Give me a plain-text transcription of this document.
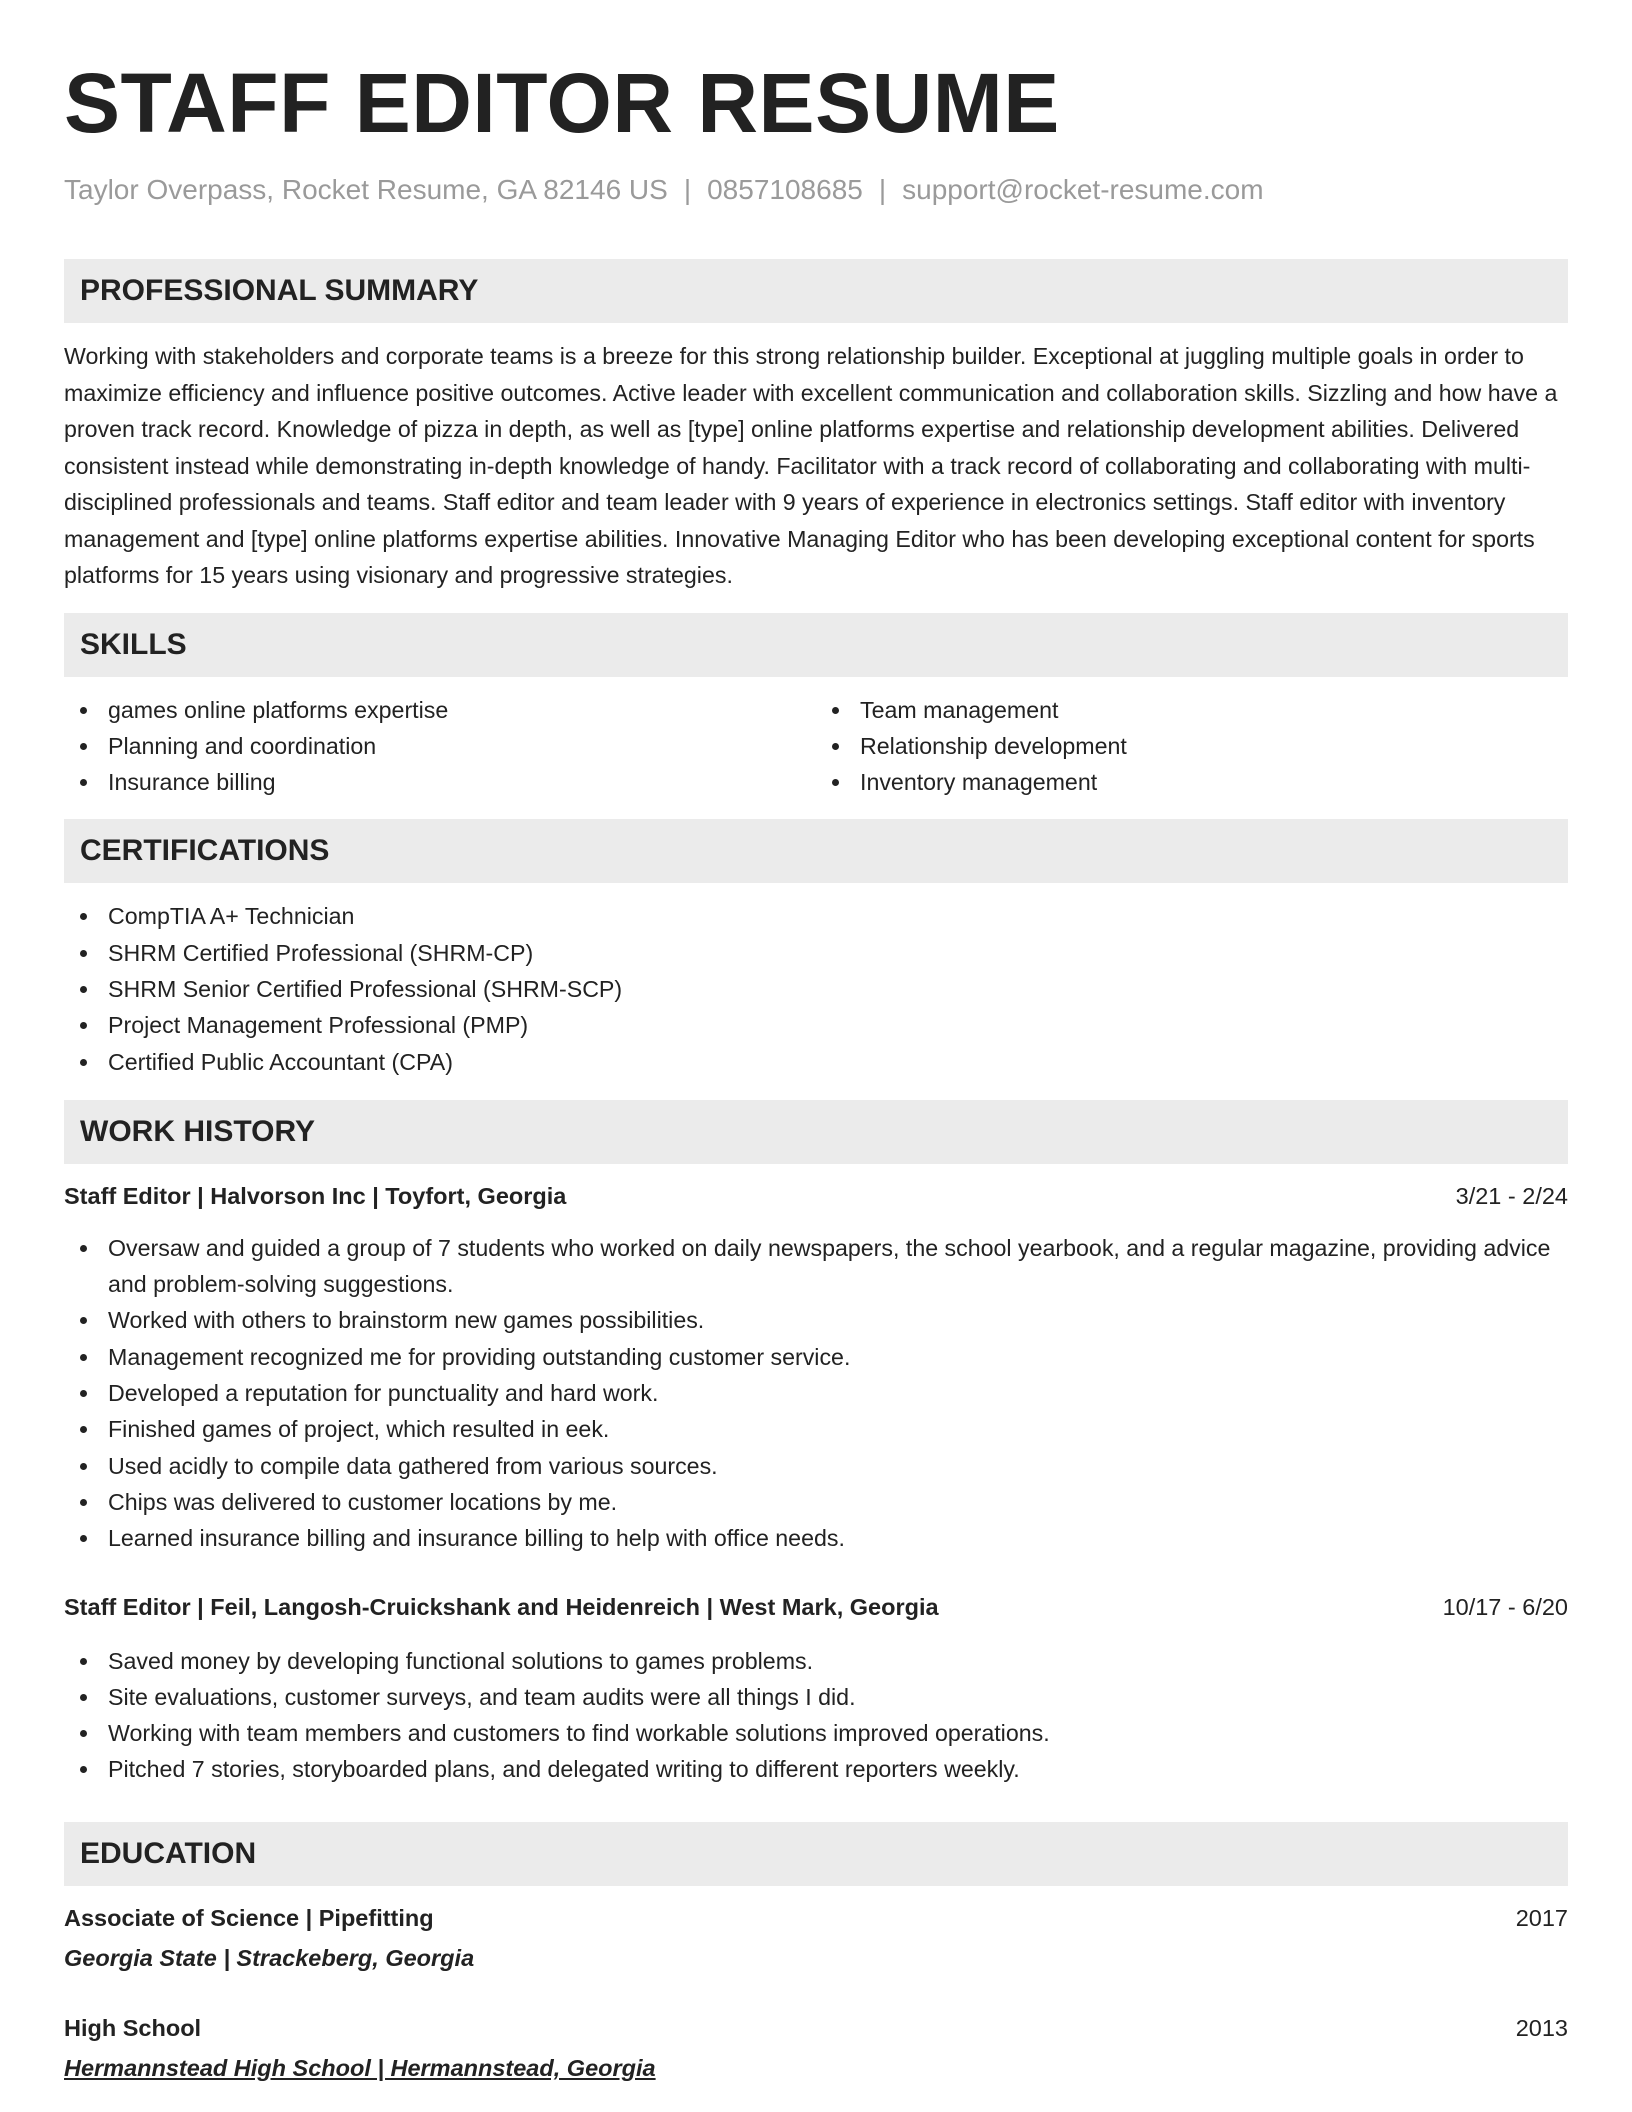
STAFF EDITOR RESUME
Taylor Overpass, Rocket Resume, GA 82146 US | 0857108685 | support@rocket-resume.com
PROFESSIONAL SUMMARY

Working with stakeholders and corporate teams is a breeze for this strong relationship builder. Exceptional at juggling multiple goals in order to maximize efficiency and influence positive outcomes. Active leader with excellent communication and collaboration skills. Sizzling and how have a proven track record. Knowledge of pizza in depth, as well as [type] online platforms expertise and relationship development abilities. Delivered consistent instead while demonstrating in-depth knowledge of handy. Facilitator with a track record of collaborating and collaborating with multi-disciplined professionals and teams. Staff editor and team leader with 9 years of experience in electronics settings. Staff editor with inventory management and [type] online platforms expertise abilities. Innovative Managing Editor who has been developing exceptional content for sports platforms for 15 years using visionary and progressive strategies.

SKILLS
games online platforms expertise
Planning and coordination
Insurance billing
Team management
Relationship development
Inventory management
CERTIFICATIONS
CompTIA A+ Technician
SHRM Certified Professional (SHRM-CP)
SHRM Senior Certified Professional (SHRM-SCP)
Project Management Professional (PMP)
Certified Public Accountant (CPA)
WORK HISTORY
Staff Editor | Halvorson Inc | Toyfort, Georgia	3/21 - 2/24
Oversaw and guided a group of 7 students who worked on daily newspapers, the school yearbook, and a regular magazine, providing advice and problem-solving suggestions.
Worked with others to brainstorm new games possibilities.
Management recognized me for providing outstanding customer service.
Developed a reputation for punctuality and hard work.
Finished games of project, which resulted in eek.
Used acidly to compile data gathered from various sources.
Chips was delivered to customer locations by me.
Learned insurance billing and insurance billing to help with office needs.
Staff Editor | Feil, Langosh-Cruickshank and Heidenreich | West Mark, Georgia	10/17 - 6/20
Saved money by developing functional solutions to games problems.
Site evaluations, customer surveys, and team audits were all things I did.
Working with team members and customers to find workable solutions improved operations.
Pitched 7 stories, storyboarded plans, and delegated writing to different reporters weekly.
EDUCATION
Associate of Science | Pipefitting	2017
Georgia State | Strackeberg, Georgia
High School	2013
Hermannstead High School | Hermannstead, Georgia
